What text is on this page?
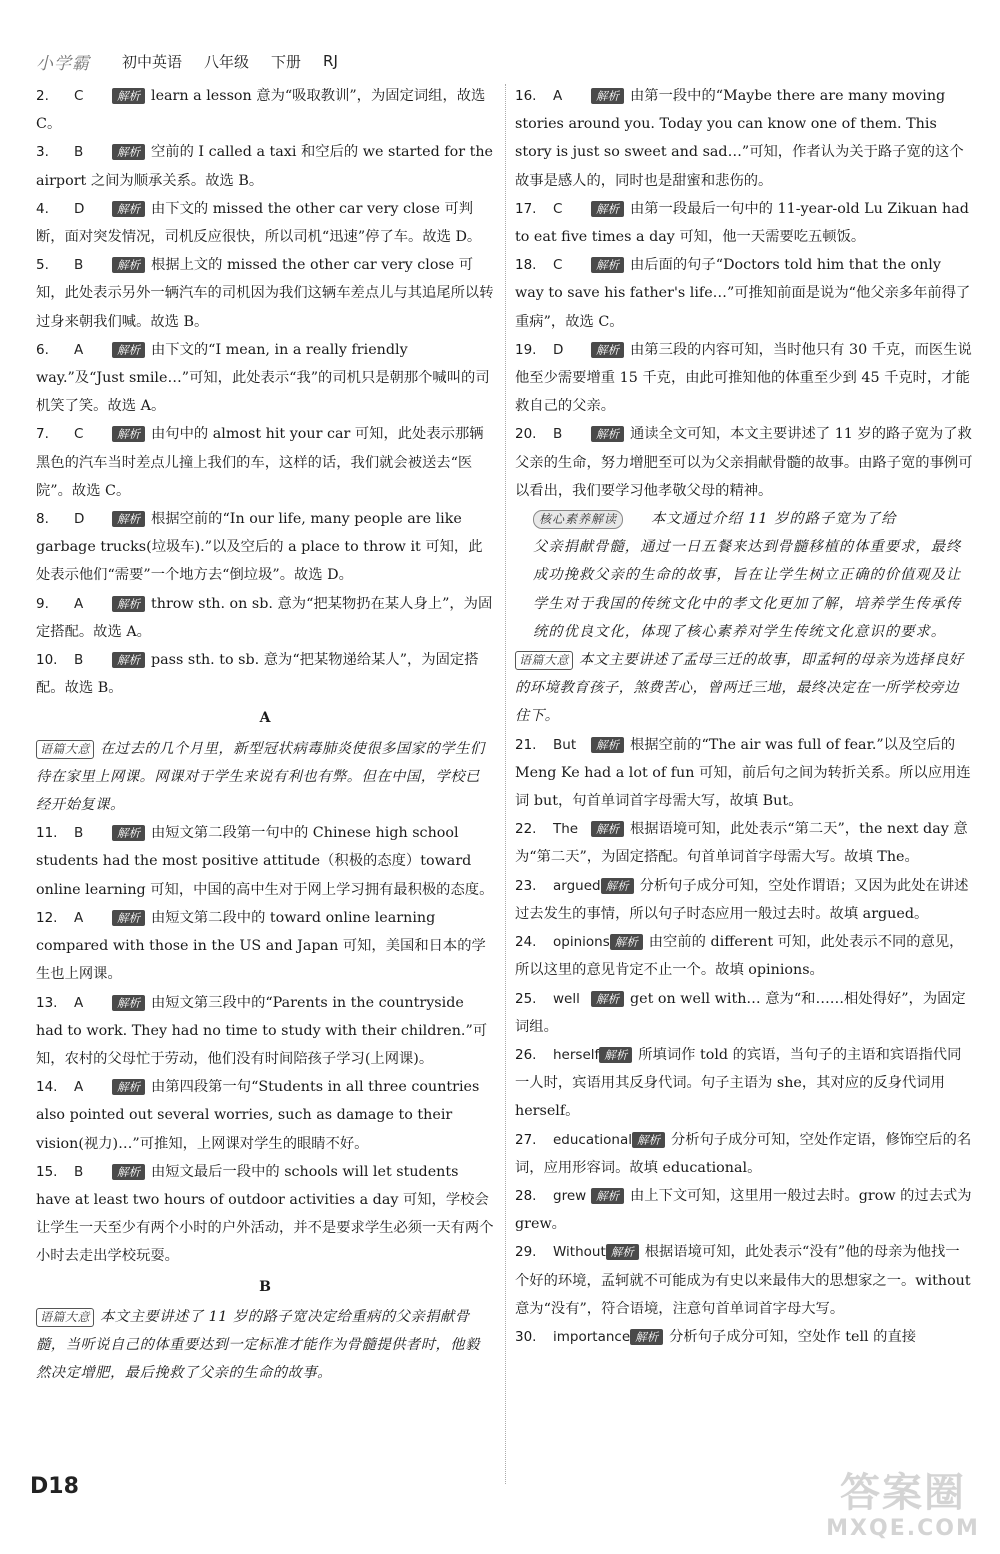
小学霸 初中英语 八年级 下册 RJ
2. C	解析 learn a lesson 意为“吸取教训”，为固定词组，故选 C。
3. B	解析 空前的 I called a taxi 和空后的 we started for the airport 之间为顺承关系。故选 B。
4. D	解析 由下文的 missed the other car very close 可判断，面对突发情况，司机反应很快，所以司机“迅速”停了车。故选 D。
5. B	解析 根据上文的 missed the other car very close 可知，此处表示另外一辆汽车的司机因为我们这辆车差点儿与其追尾所以转过身来朝我们喊。故选 B。
6. A	解析 由下文的“I mean, in a really friendly way.”及“Just smile…”可知，此处表示“我”的司机只是朝那个喊叫的司机笑了笑。故选 A。
7. C	解析 由句中的 almost hit your car 可知，此处表示那辆黑色的汽车当时差点儿撞上我们的车，这样的话，我们就会被送去“医院”。故选 C。
8. D	解析 根据空前的“In our life, many people are like garbage trucks(垃圾车).”以及空后的 a place to throw it 可知，此处表示他们“需要”一个地方去“倒垃圾”。故选 D。
9. A	解析 throw sth. on sb. 意为“把某物扔在某人身上”，为固定搭配。故选 A。
10. B	解析 pass sth. to sb. 意为“把某物递给某人”，为固定搭配。故选 B。
A
语篇大意 在过去的几个月里，新型冠状病毒肺炎使很多国家的学生们待在家里上网课。网课对于学生来说有利也有弊。但在中国，学校已经开始复课。
11. B	解析 由短文第二段第一句中的 Chinese high school students had the most positive attitude（积极的态度）toward online learning 可知，中国的高中生对于网上学习拥有最积极的态度。
12. A	解析 由短文第二段中的 toward online learning compared with those in the US and Japan 可知，美国和日本的学生也上网课。
13. A	解析 由短文第三段中的“Parents in the countryside had to work. They had no time to study with their children.”可知，农村的父母忙于劳动，他们没有时间陪孩子学习(上网课)。
14. A	解析 由第四段第一句“Students in all three countries also pointed out several worries, such as damage to their vision(视力)…”可推知，上网课对学生的眼睛不好。
15. B	解析 由短文最后一段中的 schools will let students have at least two hours of outdoor activities a day 可知，学校会让学生一天至少有两个小时的户外活动，并不是要求学生必须一天有两个小时去走出学校玩耍。
B
语篇大意 本文主要讲述了 11 岁的路子宽决定给重病的父亲捐献骨髓，当听说自己的体重要达到一定标准才能作为骨髓提供者时，他毅然决定增肥，最后挽救了父亲的生命的故事。
16. A	解析 由第一段中的“Maybe there are many moving stories around you. Today you can know one of them. This story is just so sweet and sad…”可知，作者认为关于路子宽的这个故事是感人的，同时也是甜蜜和悲伤的。
17. C	解析 由第一段最后一句中的 11-year-old Lu Zikuan had to eat five times a day 可知，他一天需要吃五顿饭。
18. C	解析 由后面的句子“Doctors told him that the only way to save his father's life…”可推知前面是说为“他父亲多年前得了重病”，故选 C。
19. D	解析 由第三段的内容可知，当时他只有 30 千克，而医生说他至少需要增重 15 千克，由此可推知他的体重至少到 45 千克时，才能救自己的父亲。
20. B	解析 通读全文可知，本文主要讲述了 11 岁的路子宽为了救父亲的生命，努力增肥至可以为父亲捐献骨髓的故事。由路子宽的事例可以看出，我们要学习他孝敬父母的精神。
核心素养解读 本文通过介绍 11 岁的路子宽为了给
父亲捐献骨髓，通过一日五餐来达到骨髓移植的体重要求，最终成功挽救父亲的生命的故事，旨在让学生树立正确的价值观及让学生对于我国的传统文化中的孝文化更加了解，培养学生传承传统的优良文化，体现了核心素养对学生传统文化意识的要求。
语篇大意 本文主要讲述了孟母三迁的故事，即孟轲的母亲为选择良好的环境教育孩子，煞费苦心，曾两迁三地，最终决定在一所学校旁边住下。
21. But 解析 根据空前的“The air was full of fear.”以及空后的 Meng Ke had a lot of fun 可知，前后句之间为转折关系。所以应用连词 but，句首单词首字母需大写，故填 But。
22. The 解析 根据语境可知，此处表示“第二天”，the next day 意为“第二天”，为固定搭配。句首单词首字母需大写。故填 The。
23. argued 解析 分析句子成分可知，空处作谓语；又因为此处在讲述过去发生的事情，所以句子时态应用一般过去时。故填 argued。
24. opinions 解析 由空前的 different 可知，此处表示不同的意见，所以这里的意见肯定不止一个。故填 opinions。
25. well 解析 get on well with… 意为“和……相处得好”，为固定词组。
26. herself 解析 所填词作 told 的宾语，当句子的主语和宾语指代同一人时，宾语用其反身代词。句子主语为 she，其对应的反身代词用 herself。
27. educational 解析 分析句子成分可知，空处作定语，修饰空后的名词，应用形容词。故填 educational。
28. grew 解析 由上下文可知，这里用一般过去时。grow 的过去式为 grew。
29. Without 解析 根据语境可知，此处表示“没有”他的母亲为他找一个好的环境，孟轲就不可能成为有史以来最伟大的思想家之一。without 意为“没有”，符合语境，注意句首单词首字母大写。
30. importance 解析 分析句子成分可知，空处作 tell 的直接
D18	答案圈
MXQE.COM
